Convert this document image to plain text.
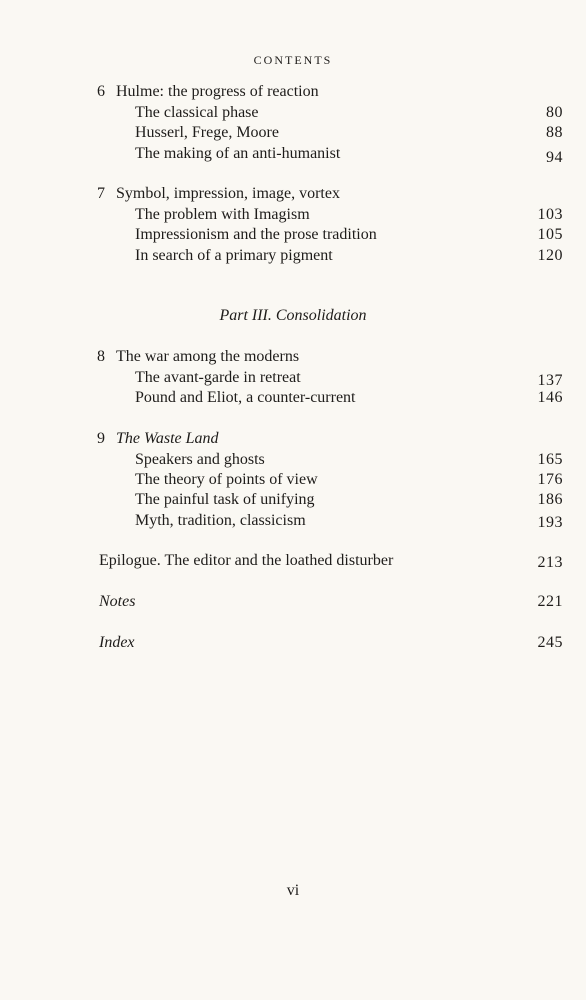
CONTENTS
6 Hulme: the progress of reaction
The classical phase	80
Husserl, Frege, Moore	88
The making of an anti-humanist	94
7 Symbol, impression, image, vortex
The problem with Imagism	103
Impressionism and the prose tradition	105
In search of a primary pigment	120
Part III. Consolidation
8 The war among the moderns
The avant-garde in retreat	137
Pound and Eliot, a counter-current	146
9 The Waste Land
Speakers and ghosts	165
The theory of points of view	176
The painful task of unifying	186
Myth, tradition, classicism	193
Epilogue. The editor and the loathed disturber	213
Notes	221
Index	245
vi
